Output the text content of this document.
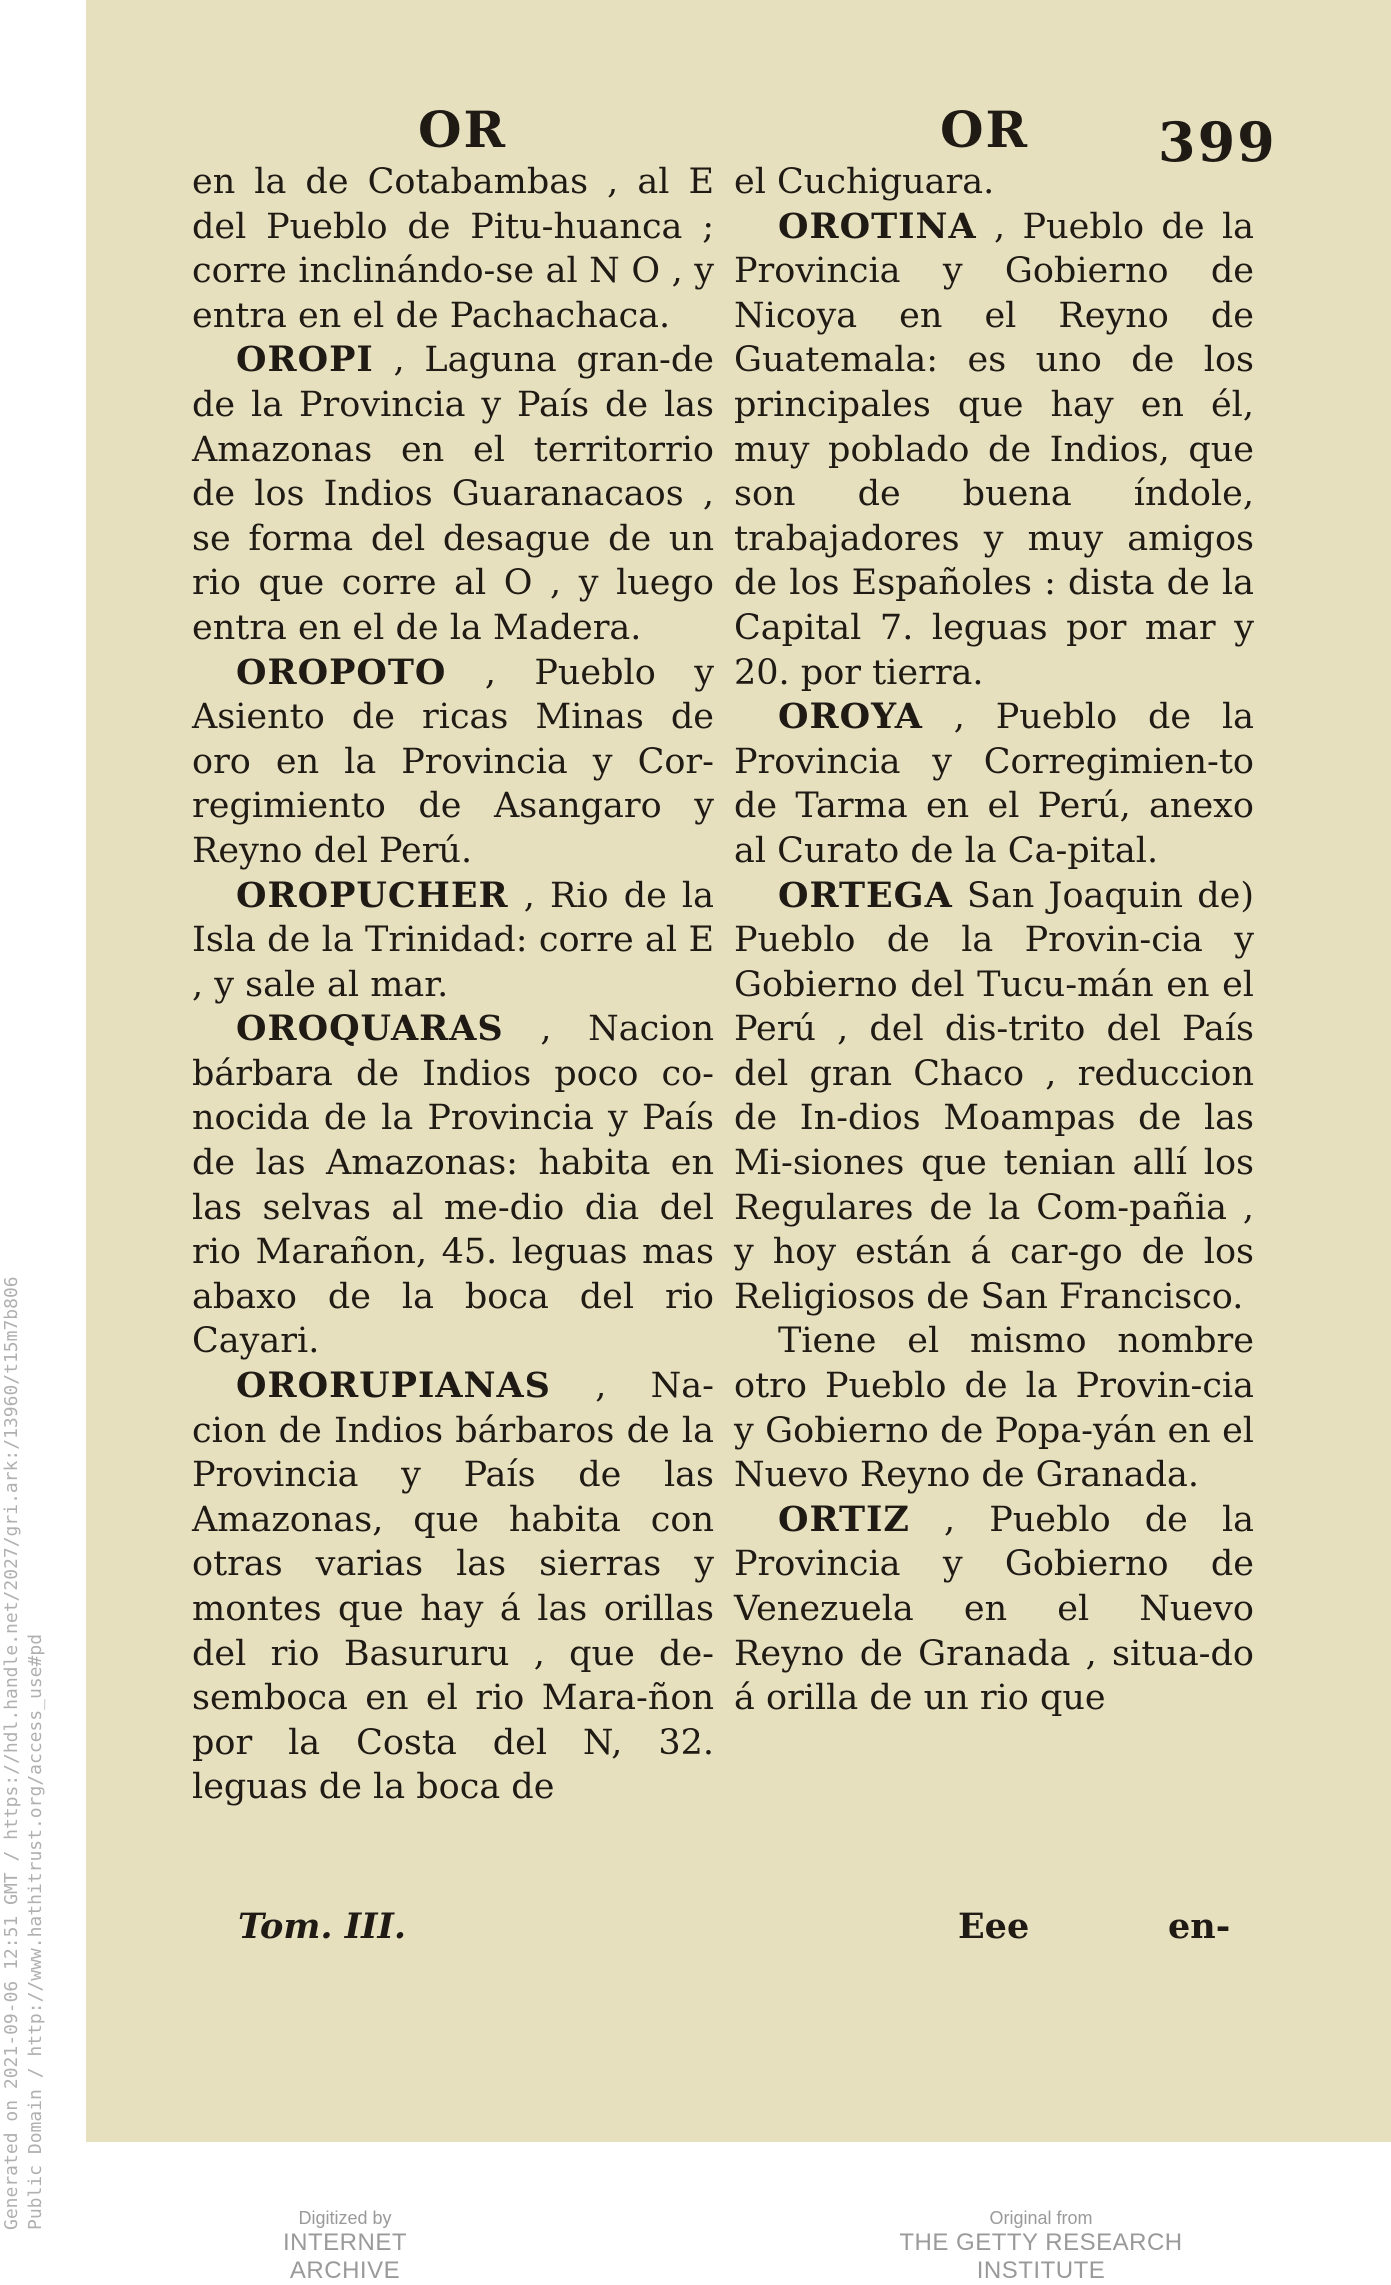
OR	OR 399

en la de Cotabambas , al E del Pueblo de Pitu-huanca ; corre inclinándo-se al N O , y entra en el de Pachachaca.

OROPI , Laguna gran-de de la Provincia y País de las Amazonas en el territorrio de los Indios Guaranacaos , se forma del desague de un rio que corre al O , y luego entra en el de la Madera.

OROPOTO , Pueblo y Asiento de ricas Minas de oro en la Provincia y Cor-regimiento de Asangaro y Reyno del Perú.

OROPUCHER , Rio de la Isla de la Trinidad: corre al E , y sale al mar.

OROQUARAS , Nacion bárbara de Indios poco co-nocida de la Provincia y País de las Amazonas: habita en las selvas al me-dio dia del rio Marañon, 45. leguas mas abaxo de la boca del rio Cayari.

ORORUPIANAS , Na-cion de Indios bárbaros de la Provincia y País de las Amazonas, que habita con otras varias las sierras y montes que hay á las orillas del rio Basururu , que de-semboca en el rio Mara-ñon por la Costa del N, 32. leguas de la boca de

el Cuchiguara.

OROTINA , Pueblo de la Provincia y Gobierno de Nicoya en el Reyno de Guatemala: es uno de los principales que hay en él, muy poblado de Indios, que son de buena índole, trabajadores y muy amigos de los Españoles : dista de la Capital 7. leguas por mar y 20. por tierra.

OROYA , Pueblo de la Provincia y Corregimien-to de Tarma en el Perú, anexo al Curato de la Ca-pital.

ORTEGA San Joaquin de) Pueblo de la Provin-cia y Gobierno del Tucu-mán en el Perú , del dis-trito del País del gran Chaco , reduccion de In-dios Moampas de las Mi-siones que tenian allí los Regulares de la Com-pañia , y hoy están á car-go de los Religiosos de San Francisco.

Tiene el mismo nombre otro Pueblo de la Provin-cia y Gobierno de Popa-yán en el Nuevo Reyno de Granada.

ORTIZ , Pueblo de la Provincia y Gobierno de Venezuela en el Nuevo Reyno de Granada , situa-do á orilla de un rio que

Tom. III.	Eee	en-
Generated on 2021-09-06 12:51 GMT / https://hdl.handle.net/2027/gri.ark:/13960/t15m7b806 Public Domain / http://www.hathitrust.org/access_use#pd	Digitized by
INTERNET ARCHIVE
Original from
THE GETTY RESEARCH INSTITUTE
